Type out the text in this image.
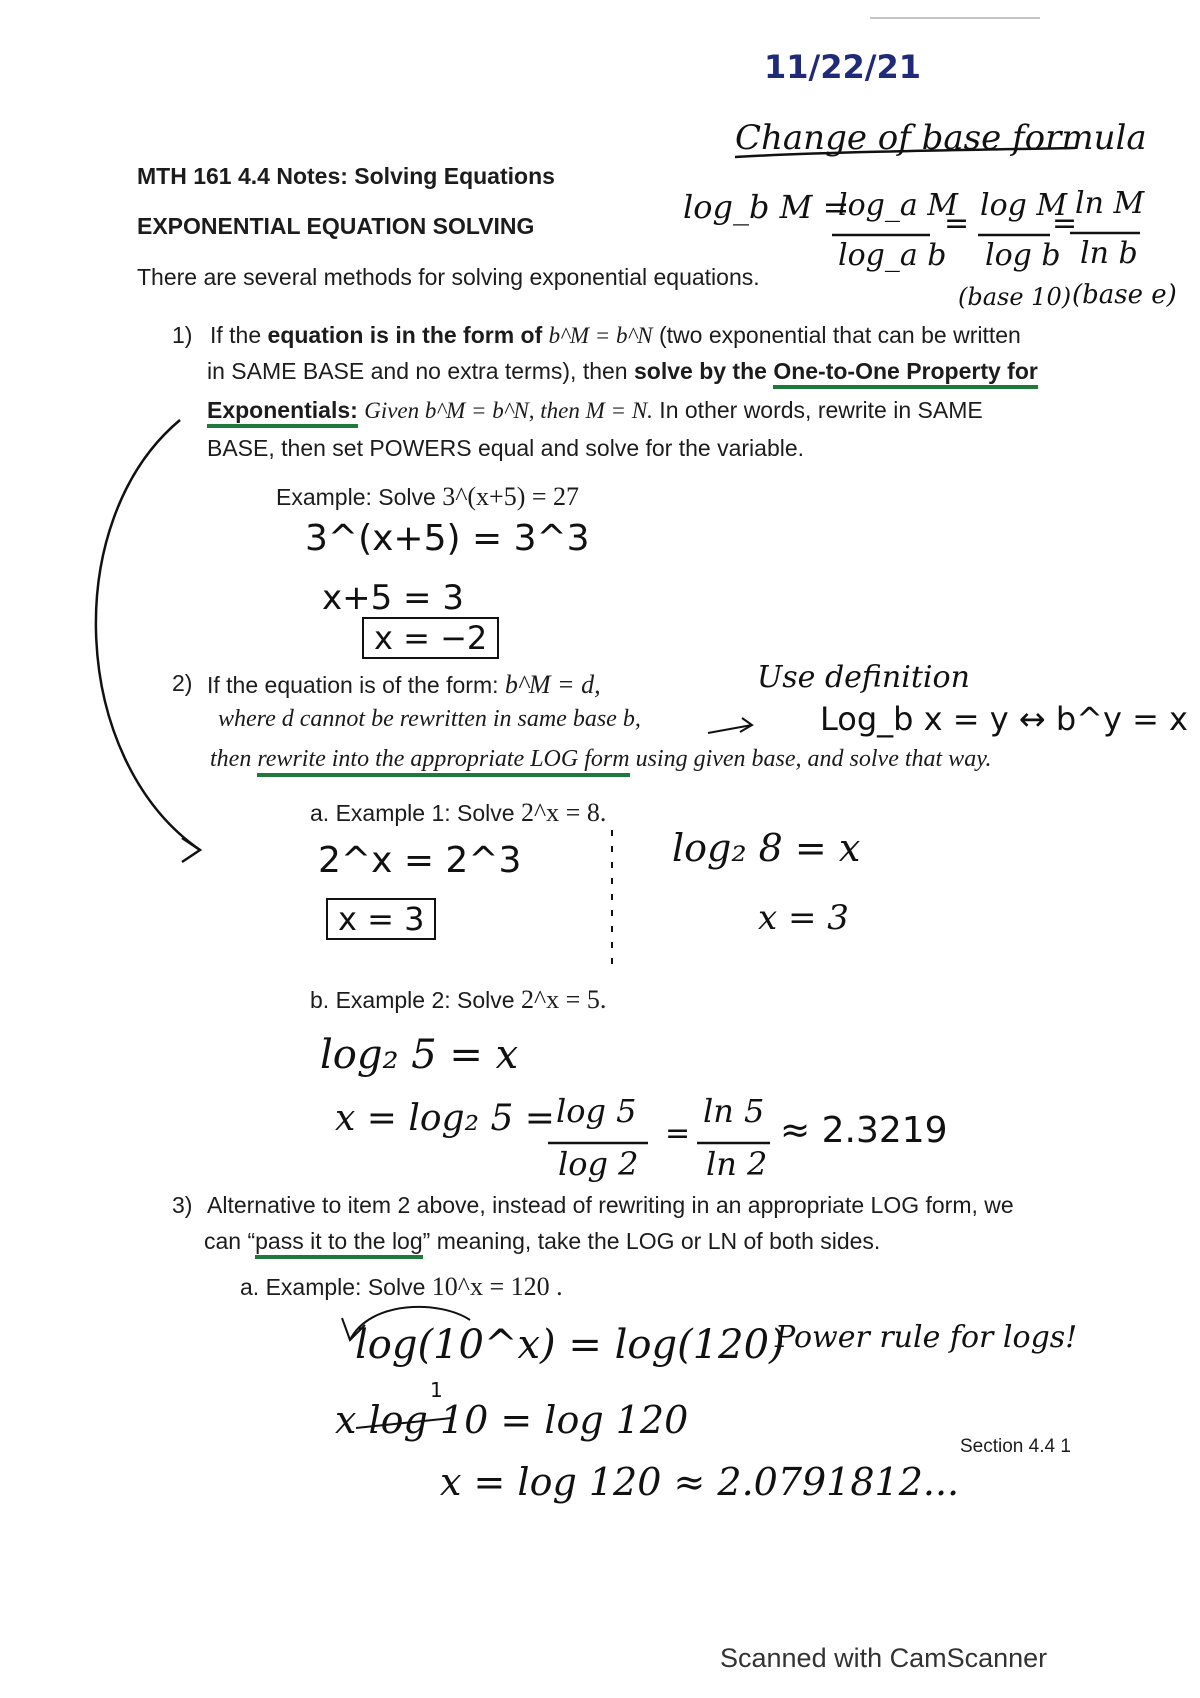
11/22/21
MTH 161 4.4 Notes: Solving Equations
EXPONENTIAL EQUATION SOLVING
There are several methods for solving exponential equations.
Change of base formula
log_b M =
log_a M
log_a b
=
log M
log b
=
ln M
ln b
(base 10) (base e)
1) If the equation is in the form of b^M = b^N (two exponential that can be written
in SAME BASE and no extra terms), then solve by the One-to-One Property for
Exponentials: Given b^M = b^N, then M = N. In other words, rewrite in SAME
BASE, then set POWERS equal and solve for the variable.
Example: Solve 3^(x+5) = 27
3^(x+5) = 3^3
x+5 = 3
x = −2
2) If the equation is of the form: b^M = d,
where d cannot be rewritten in same base b,
then rewrite into the appropriate LOG form using given base, and solve that way.
Use definition
Log_b x = y ↔ b^y = x
a. Example 1: Solve 2^x = 8.
2^x = 2^3
x = 3
log₂ 8 = x
x = 3
b. Example 2: Solve 2^x = 5.
log₂ 5 = x
x = log₂ 5 = log 5
log 2
=
ln 5
ln 2
≈ 2.3219
3) Alternative to item 2 above, instead of rewriting in an appropriate LOG form, we
can “pass it to the log” meaning, take the LOG or LN of both sides.
a. Example: Solve 10^x = 120 .
log(10^x) = log(120)
Power rule for logs!
1
x log 10 = log 120
x = log 120 ≈ 2.0791812...
Section 4.4 1
Scanned with CamScanner
